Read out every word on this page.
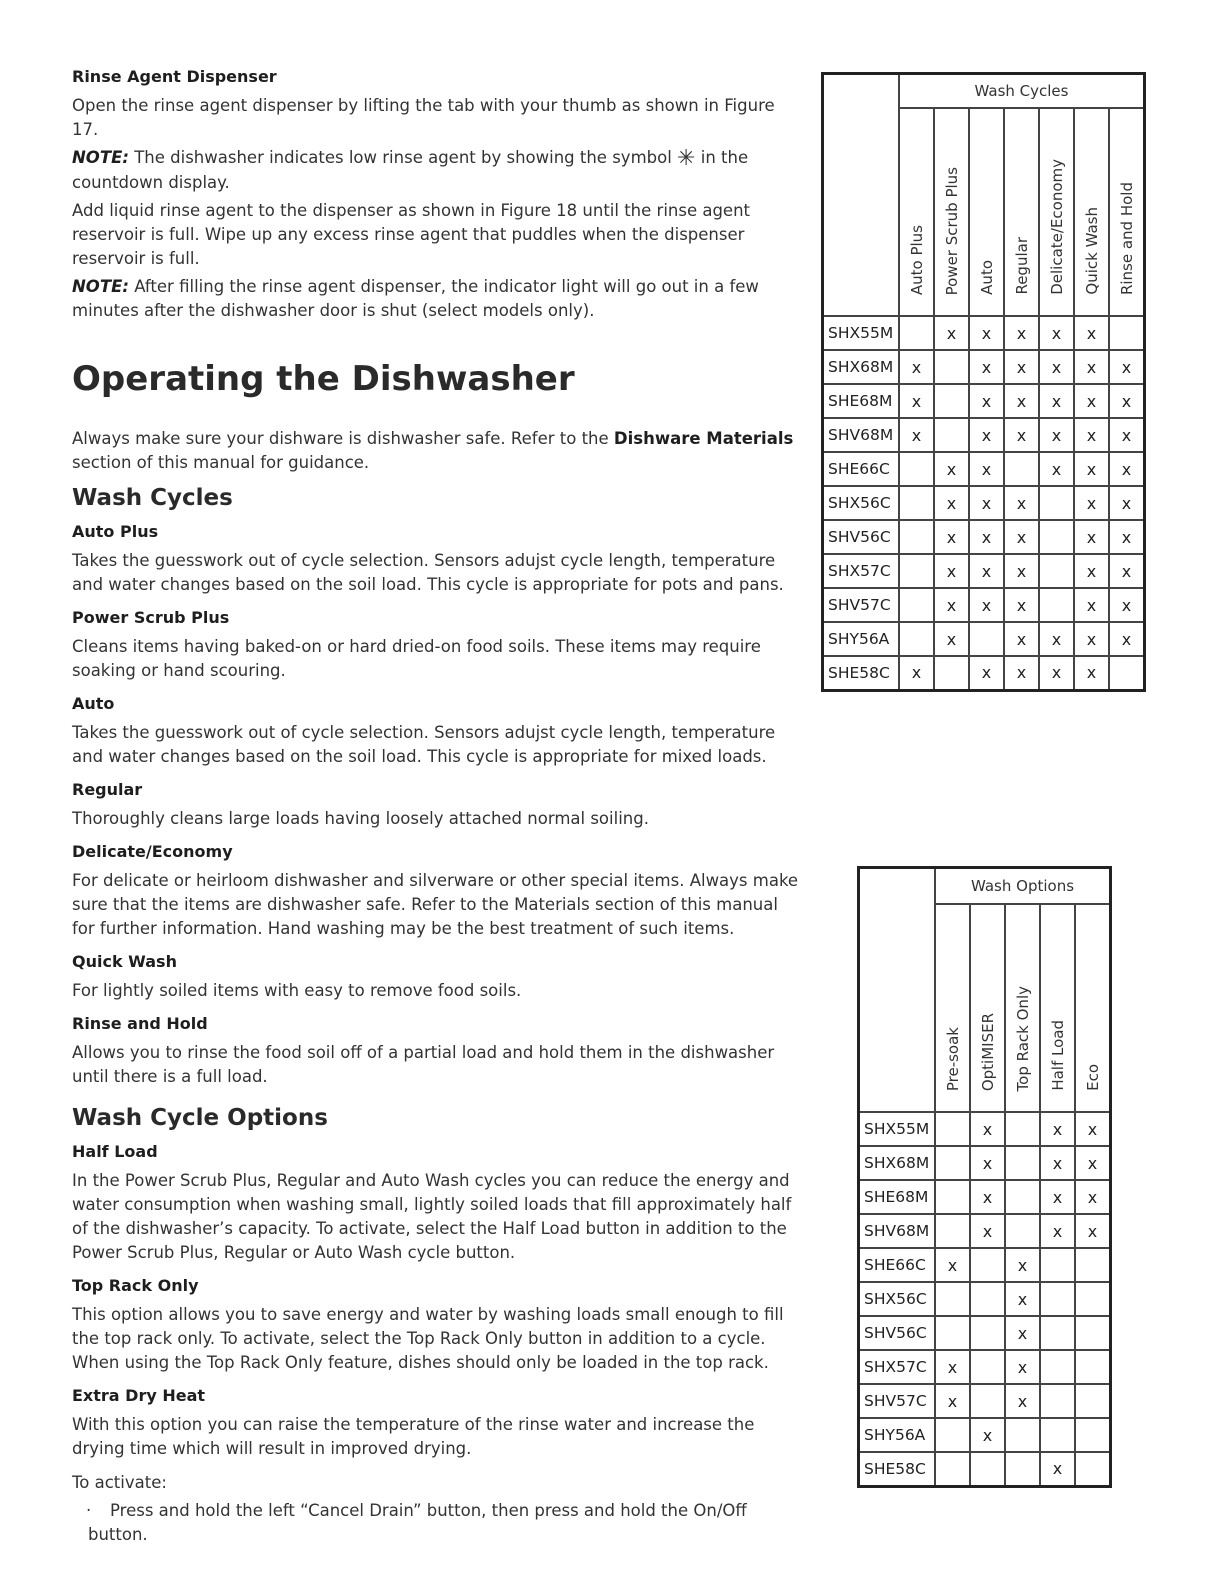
Rinse Agent Dispenser
Open the rinse agent dispenser by lifting the tab with your thumb as shown in Figure 17.
NOTE: The dishwasher indicates low rinse agent by showing the symbol ✳ in the countdown display.
Add liquid rinse agent to the dispenser as shown in Figure 18 until the rinse agent reservoir is full. Wipe up any excess rinse agent that puddles when the dispenser reservoir is full.
NOTE: After filling the rinse agent dispenser, the indicator light will go out in a few minutes after the dishwasher door is shut (select models only).
Operating the Dishwasher
Always make sure your dishware is dishwasher safe. Refer to the Dishware Materials section of this manual for guidance.
Wash Cycles
Auto Plus
Takes the guesswork out of cycle selection. Sensors adujst cycle length, temperature and water changes based on the soil load. This cycle is appropriate for pots and pans.
Power Scrub Plus
Cleans items having baked-on or hard dried-on food soils. These items may require soaking or hand scouring.
Auto
Takes the guesswork out of cycle selection. Sensors adujst cycle length, temperature and water changes based on the soil load. This cycle is appropriate for mixed loads.
Regular
Thoroughly cleans large loads having loosely attached normal soiling.
Delicate/Economy
For delicate or heirloom dishwasher and silverware or other special items. Always make sure that the items are dishwasher safe. Refer to the Materials section of this manual for further information. Hand washing may be the best treatment of such items.
Quick Wash
For lightly soiled items with easy to remove food soils.
Rinse and Hold
Allows you to rinse the food soil off of a partial load and hold them in the dishwasher until there is a full load.
Wash Cycle Options
Half Load
In the Power Scrub Plus, Regular and Auto Wash cycles you can reduce the energy and water consumption when washing small, lightly soiled loads that fill approximately half of the dishwasher’s capacity. To activate, select the Half Load button in addition to the Power Scrub Plus, Regular or Auto Wash cycle button.
Top Rack Only
This option allows you to save energy and water by washing loads small enough to fill the top rack only. To activate, select the Top Rack Only button in addition to a cycle. When using the Top Rack Only feature, dishes should only be loaded in the top rack.
Extra Dry Heat
With this option you can raise the temperature of the rinse water and increase the drying time which will result in improved drying.
To activate:
· Press and hold the left “Cancel Drain” button, then press and hold the On/Off button.
	Wash Cycles						
	Auto Plus	Power Scrub Plus	Auto	Regular	Delicate/Economy	Quick Wash	Rinse and Hold
SHX55M		x	x	x	x	x	
SHX68M	x		x	x	x	x	x
SHE68M	x		x	x	x	x	x
SHV68M	x		x	x	x	x	x
SHE66C		x	x		x	x	x
SHX56C		x	x	x		x	x
SHV56C		x	x	x		x	x
SHX57C		x	x	x		x	x
SHV57C		x	x	x		x	x
SHY56A		x		x	x	x	x
SHE58C	x		x	x	x	x	
	Wash Options				
	Pre-soak	OptiMISER	Top Rack Only	Half Load	Eco
SHX55M		x		x	x
SHX68M		x		x	x
SHE68M		x		x	x
SHV68M		x		x	x
SHE66C	x		x		
SHX56C			x		
SHV56C			x		
SHX57C	x		x		
SHV57C	x		x		
SHY56A		x			
SHE58C				x	
